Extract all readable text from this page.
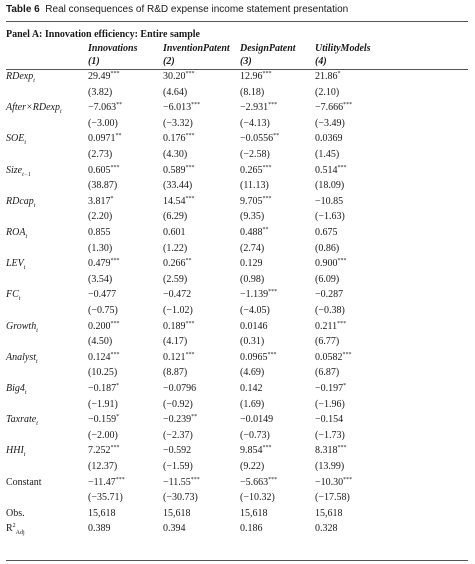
Table 6 Real consequences of R&D expense income statement presentation
Panel A: Innovation efficiency: Entire sample
Innovations	InventionPatent DesignPatent UtilityModels
(1)	(2)	(3)	(4)
RDexp$_t$	29.49***	30.20***	12.96***	21.86*
(3.82)	(4.64)	(8.18)	(2.10)
After×RDexp$_t$	−7.063**	−6.013***	−2.931***	−7.666***
(−3.00)	(−3.32)	(−4.13)	(−3.49)
$SOE_t$	0.0971**	0.176***	−0.0556**	0.0369
(2.73)	(4.30)	(−2.58)	(1.45)
Size$_{t-1}$	0.605***	0.589***	0.265***	0.514***
(38.87)	(33.44)	(11.13)	(18.09)
RDcap$_t$	3.817*	14.54***	9.705***	−10.85
(2.20)	(6.29)	(9.35)	(−1.63)
$ROA_t$	0.855	0.601	0.488**	0.675
(1.30)	(1.22)	(2.74)	(0.86)
$LEV_t$	0.479***	0.266**	0.129	0.900***
(3.54)	(2.59)	(0.98)	(6.09)
$FC_t$	−0.477	−0.472	−1.139***	−0.287
(−0.75)	(−1.02)	(−4.05)	(−0.38)
Growth$_t$	0.200***	0.189***	0.0146	0.211***
(4.50)	(4.17)	(0.31)	(6.77)
Analyst$_t$	0.124***	0.121***	0.0965***	0.0582***
(10.25)	(8.87)	(4.69)	(6.87)
$Big4_t$	−0.187*	−0.0796	0.142	−0.197*
(−1.91)	(−0.92)	(1.69)	(−1.96)
Taxrate$_t$	−0.159*	−0.239**	−0.0149	−0.154
(−2.00)	(−2.37)	(−0.73)	(−1.73)
$HHI_t$	7.252***	−0.592	9.854***	8.318***
(12.37)	(−1.59)	(9.22)	(13.99)
Constant	−11.47***	−11.55***	−5.663***	−10.30***
(−35.71)	(−30.73)	(−10.32)	(−17.58)
Obs.	15,618	15,618	15,618	15,618
$R^2_{Adj}$	0.389	0.394	0.186	0.328
